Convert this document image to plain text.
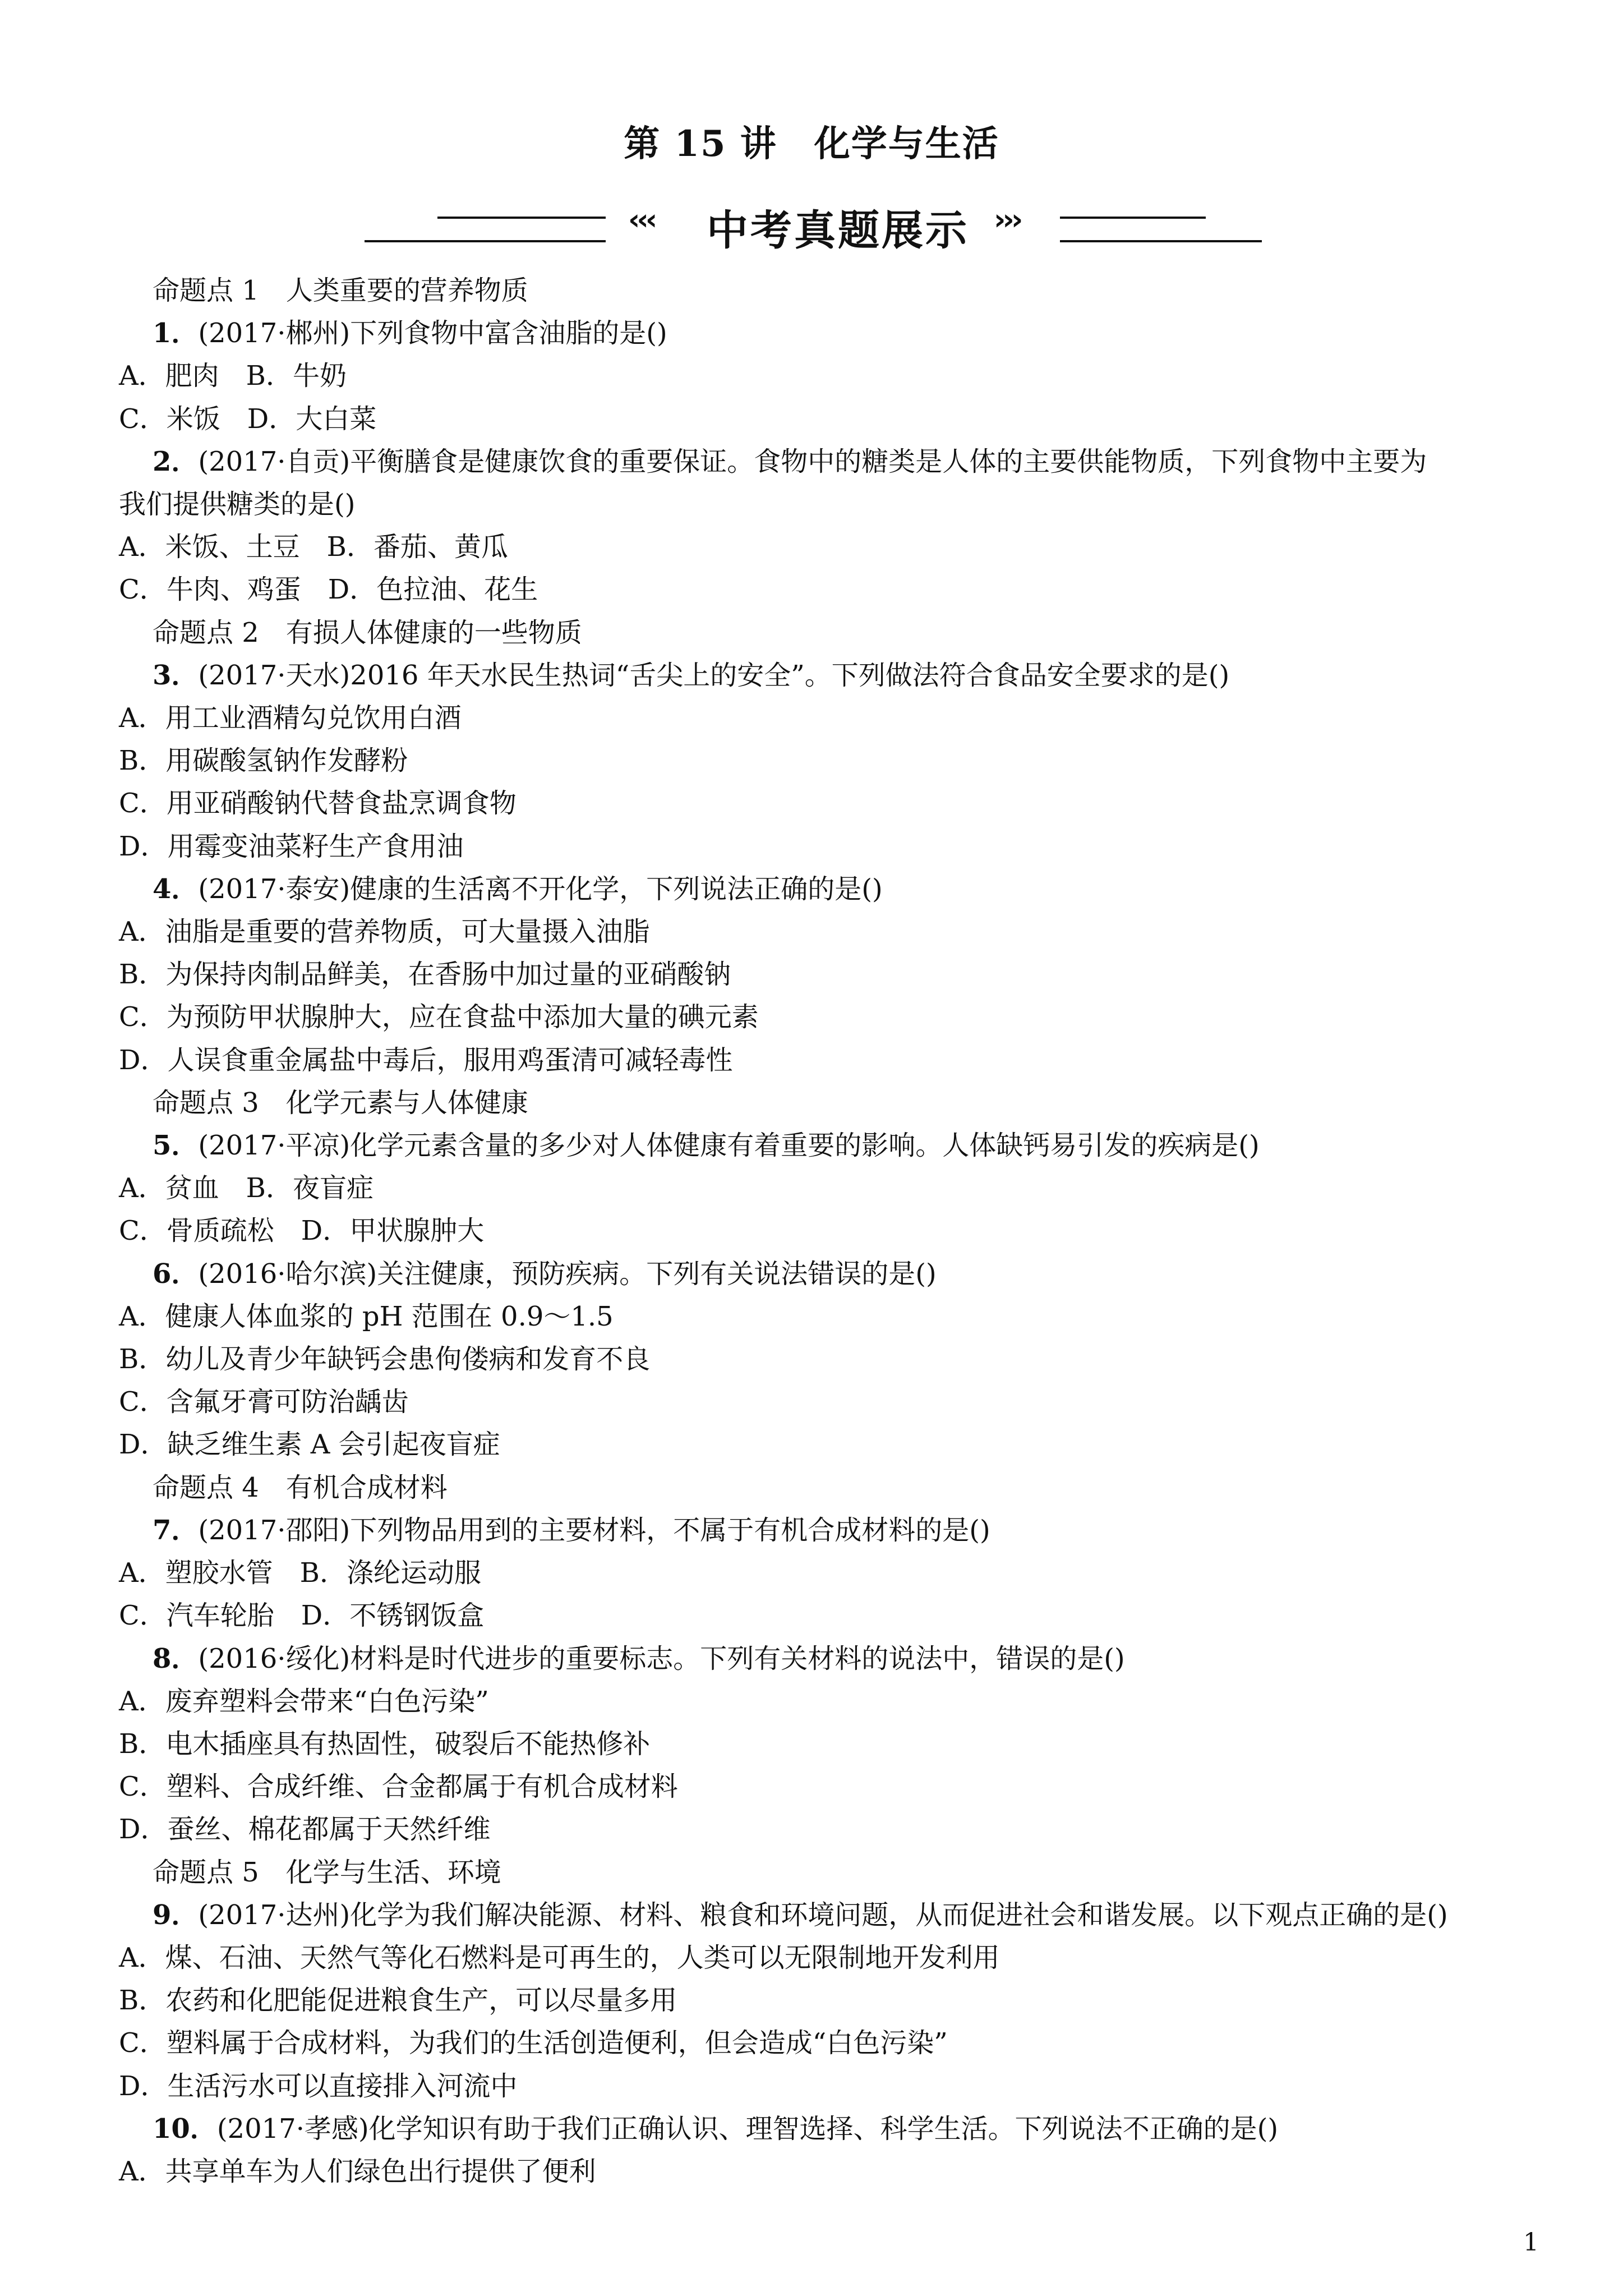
第 15 讲　化学与生活
‹‹‹ 中考真题展示 ›››
命题点 1　人类重要的营养物质
1．(2017·郴州)下列食物中富含油脂的是()
A．肥肉　B．牛奶
C．米饭　D．大白菜
2．(2017·自贡)平衡膳食是健康饮食的重要保证。食物中的糖类是人体的主要供能物质，下列食物中主要为
我们提供糖类的是()
A．米饭、土豆　B．番茄、黄瓜
C．牛肉、鸡蛋　D．色拉油、花生
命题点 2　有损人体健康的一些物质
3．(2017·天水)2016 年天水民生热词“舌尖上的安全”。下列做法符合食品安全要求的是()
A．用工业酒精勾兑饮用白酒
B．用碳酸氢钠作发酵粉
C．用亚硝酸钠代替食盐烹调食物
D．用霉变油菜籽生产食用油
4．(2017·泰安)健康的生活离不开化学，下列说法正确的是()
A．油脂是重要的营养物质，可大量摄入油脂
B．为保持肉制品鲜美，在香肠中加过量的亚硝酸钠
C．为预防甲状腺肿大，应在食盐中添加大量的碘元素
D．人误食重金属盐中毒后，服用鸡蛋清可减轻毒性
命题点 3　化学元素与人体健康
5．(2017·平凉)化学元素含量的多少对人体健康有着重要的影响。人体缺钙易引发的疾病是()
A．贫血　B．夜盲症
C．骨质疏松　D．甲状腺肿大
6．(2016·哈尔滨)关注健康，预防疾病。下列有关说法错误的是()
A．健康人体血浆的 pH 范围在 0.9～1.5
B．幼儿及青少年缺钙会患佝偻病和发育不良
C．含氟牙膏可防治龋齿
D．缺乏维生素 A 会引起夜盲症
命题点 4　有机合成材料
7．(2017·邵阳)下列物品用到的主要材料，不属于有机合成材料的是()
A．塑胶水管　B．涤纶运动服
C．汽车轮胎　D．不锈钢饭盒
8．(2016·绥化)材料是时代进步的重要标志。下列有关材料的说法中，错误的是()
A．废弃塑料会带来“白色污染”
B．电木插座具有热固性，破裂后不能热修补
C．塑料、合成纤维、合金都属于有机合成材料
D．蚕丝、棉花都属于天然纤维
命题点 5　化学与生活、环境
9．(2017·达州)化学为我们解决能源、材料、粮食和环境问题，从而促进社会和谐发展。以下观点正确的是()
A．煤、石油、天然气等化石燃料是可再生的，人类可以无限制地开发利用
B．农药和化肥能促进粮食生产，可以尽量多用
C．塑料属于合成材料，为我们的生活创造便利，但会造成“白色污染”
D．生活污水可以直接排入河流中
10．(2017·孝感)化学知识有助于我们正确认识、理智选择、科学生活。下列说法不正确的是()
A．共享单车为人们绿色出行提供了便利
1
